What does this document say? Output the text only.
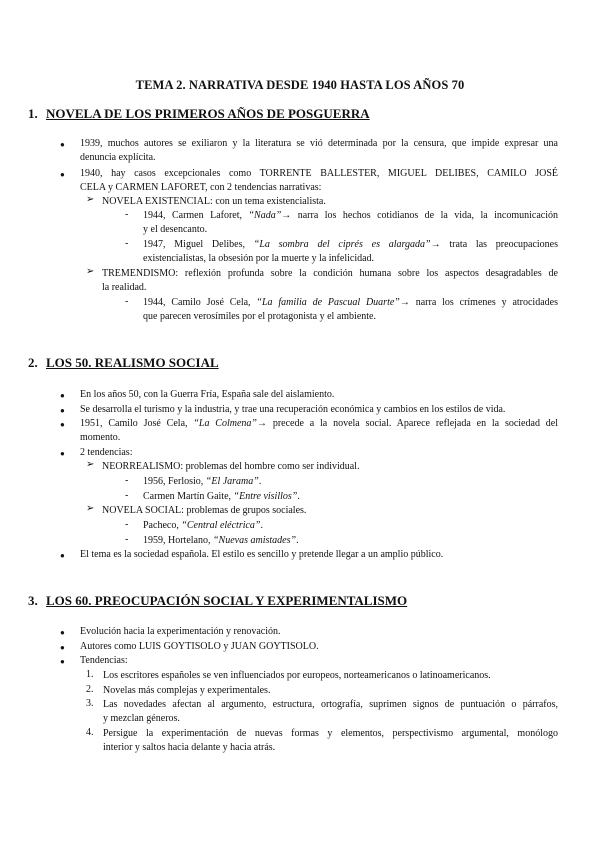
TEMA 2. NARRATIVA DESDE 1940 HASTA LOS AÑOS 70
1. NOVELA DE LOS PRIMEROS AÑOS DE POSGUERRA
● 1939, muchos autores se exiliaron y la literatura se vió determinada por la censura, que impide expresar una
denuncia explícita.
● 1940, hay casos excepcionales como TORRENTE BALLESTER, MIGUEL DELIBES, CAMILO JOSÉ
CELA y CARMEN LAFORET, con 2 tendencias narrativas:
➢ NOVELA EXISTENCIAL: con un tema existencialista.
- 1944, Carmen Laforet, “Nada”→ narra los hechos cotidianos de la vida, la incomunicación
y el desencanto.
- 1947, Miguel Delibes, “La sombra del ciprés es alargada”→ trata las preocupaciones
existencialistas, la obsesión por la muerte y la infelicidad.
➢ TREMENDISMO: reflexión profunda sobre la condición humana sobre los aspectos desagradables de
la realidad.
- 1944, Camilo José Cela, “La familia de Pascual Duarte”→ narra los crímenes y atrocidades
que parecen verosímiles por el protagonista y el ambiente.
2. LOS 50. REALISMO SOCIAL
● En los años 50, con la Guerra Fría, España sale del aislamiento.
● Se desarrolla el turismo y la industria, y trae una recuperación económica y cambios en los estilos de vida.
● 1951, Camilo José Cela, “La Colmena”→ precede a la novela social. Aparece reflejada en la sociedad del
momento.
● 2 tendencias:
➢ NEORREALISMO: problemas del hombre como ser individual.
- 1956, Ferlosio, “El Jarama”.
- Carmen Martín Gaite, “Entre visillos”.
➢ NOVELA SOCIAL: problemas de grupos sociales.
- Pacheco, “Central eléctrica”.
- 1959, Hortelano, “Nuevas amistades”.
● El tema es la sociedad española. El estilo es sencillo y pretende llegar a un amplio público.
3. LOS 60. PREOCUPACIÓN SOCIAL Y EXPERIMENTALISMO
● Evolución hacia la experimentación y renovación.
● Autores como LUIS GOYTISOLO y JUAN GOYTISOLO.
● Tendencias:
1. Los escritores españoles se ven influenciados por europeos, norteamericanos o latinoamericanos.
2. Novelas más complejas y experimentales.
3. Las novedades afectan al argumento, estructura, ortografía, suprimen signos de puntuación o párrafos,
y mezclan géneros.
4. Persigue la experimentación de nuevas formas y elementos, perspectivismo argumental, monólogo
interior y saltos hacia delante y hacia atrás.
